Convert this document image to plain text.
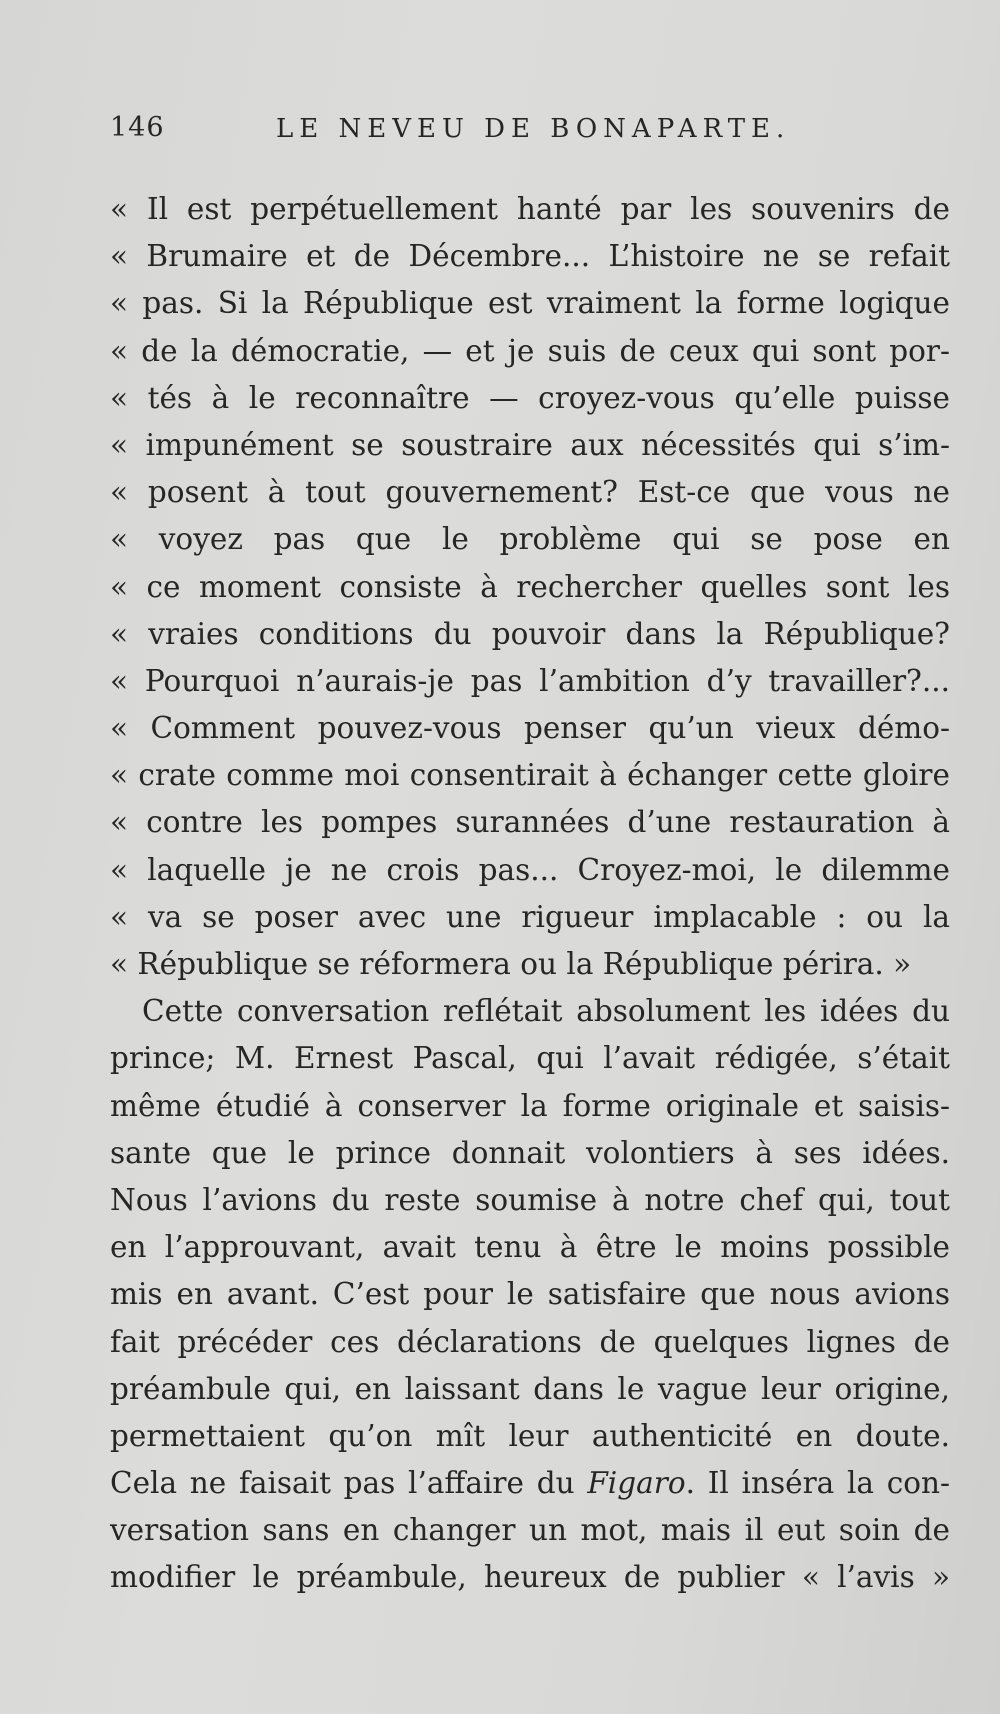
146	LE NEVEU DE BONAPARTE.
« Il est perpétuellement hanté par les souvenirs de
« Brumaire et de Décembre... L’histoire ne se refait
« pas. Si la République est vraiment la forme logique
« de la démocratie, — et je suis de ceux qui sont por-
« tés à le reconnaître — croyez-vous qu’elle puisse
« impunément se soustraire aux nécessités qui s’im-
« posent à tout gouvernement? Est-ce que vous ne
« voyez pas que le problème qui se pose en
« ce moment consiste à rechercher quelles sont les
« vraies conditions du pouvoir dans la République?
« Pourquoi n’aurais-je pas l’ambition d’y travailler?...
« Comment pouvez-vous penser qu’un vieux démo-
« crate comme moi consentirait à échanger cette gloire
« contre les pompes surannées d’une restauration à
« laquelle je ne crois pas... Croyez-moi, le dilemme
« va se poser avec une rigueur implacable : ou la
« République se réformera ou la République périra. »
Cette conversation reflétait absolument les idées du
prince; M. Ernest Pascal, qui l’avait rédigée, s’était
même étudié à conserver la forme originale et saisis-
sante que le prince donnait volontiers à ses idées.
Nous l’avions du reste soumise à notre chef qui, tout
en l’approuvant, avait tenu à être le moins possible
mis en avant. C’est pour le satisfaire que nous avions
fait précéder ces déclarations de quelques lignes de
préambule qui, en laissant dans le vague leur origine,
permettaient qu’on mît leur authenticité en doute.
Cela ne faisait pas l’affaire du Figaro. Il inséra la con-
versation sans en changer un mot, mais il eut soin de
modifier le préambule, heureux de publier « l’avis »
